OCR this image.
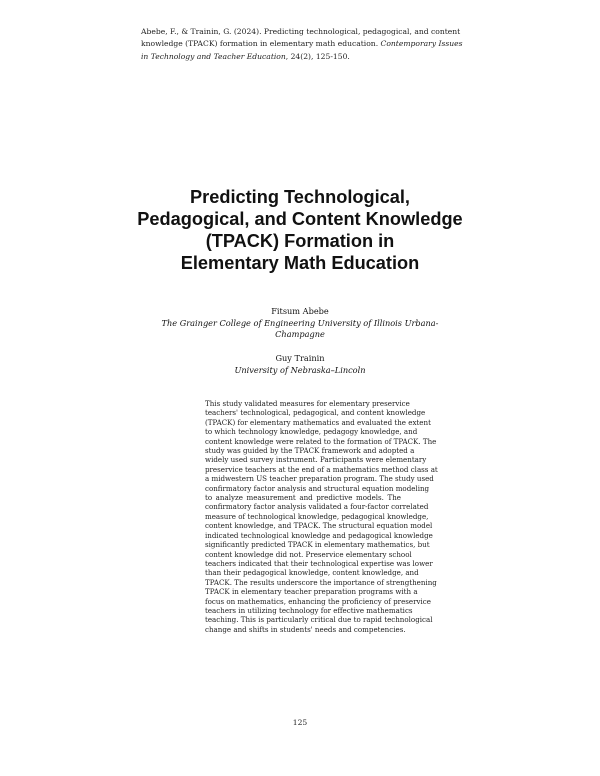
Abebe, F., & Trainin, G. (2024). Predicting technological, pedagogical, and content knowledge (TPACK) formation in elementary math education. Contemporary Issues in Technology and Teacher Education, 24(2), 125-150.
Predicting Technological,
Pedagogical, and Content Knowledge
(TPACK) Formation in
Elementary Math Education
Fitsum Abebe
The Grainger College of Engineering University of Illinois Urbana-
Champagne
Guy Trainin
University of Nebraska–Lincoln
This study validated measures for elementary preservice
teachers' technological, pedagogical, and content knowledge
(TPACK) for elementary mathematics and evaluated the extent
to which technology knowledge, pedagogy knowledge, and
content knowledge were related to the formation of TPACK. The
study was guided by the TPACK framework and adopted a
widely used survey instrument. Participants were elementary
preservice teachers at the end of a mathematics method class at
a midwestern US teacher preparation program. The study used
confirmatory factor analysis and structural equation modeling
to analyze measurement and predictive models. The
confirmatory factor analysis validated a four-factor correlated
measure of technological knowledge, pedagogical knowledge,
content knowledge, and TPACK. The structural equation model
indicated technological knowledge and pedagogical knowledge
significantly predicted TPACK in elementary mathematics, but
content knowledge did not. Preservice elementary school
teachers indicated that their technological expertise was lower
than their pedagogical knowledge, content knowledge, and
TPACK. The results underscore the importance of strengthening
TPACK in elementary teacher preparation programs with a
focus on mathematics, enhancing the proficiency of preservice
teachers in utilizing technology for effective mathematics
teaching. This is particularly critical due to rapid technological
change and shifts in students' needs and competencies.
125
